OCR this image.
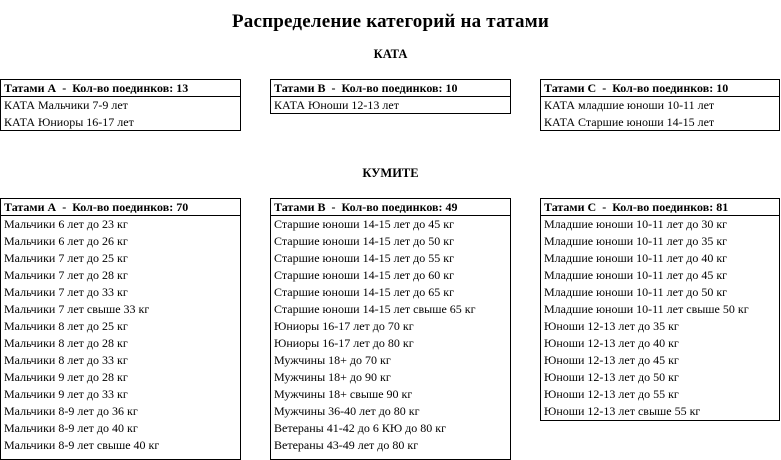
Распределение категорий на татами
КАТА
Татами А - Кол-во поединков: 13
КАТА Мальчики 7-9 лет
КАТА Юниоры 16-17 лет
Татами В - Кол-во поединков: 10
КАТА Юноши 12-13 лет
Татами С - Кол-во поединков: 10
КАТА младшие юноши 10-11 лет
КАТА Старшие юноши 14-15 лет
КУМИТЕ
Татами А - Кол-во поединков: 70
Мальчики 6 лет до 23 кг
Мальчики 6 лет до 26 кг
Мальчики 7 лет до 25 кг
Мальчики 7 лет до 28 кг
Мальчики 7 лет до 33 кг
Мальчики 7 лет свыше 33 кг
Мальчики 8 лет до 25 кг
Мальчики 8 лет до 28 кг
Мальчики 8 лет до 33 кг
Мальчики 9 лет до 28 кг
Мальчики 9 лет до 33 кг
Мальчики 8-9 лет до 36 кг
Мальчики 8-9 лет до 40 кг
Мальчики 8-9 лет свыше 40 кг
Татами В - Кол-во поединков: 49
Старшие юноши 14-15 лет до 45 кг
Старшие юноши 14-15 лет до 50 кг
Старшие юноши 14-15 лет до 55 кг
Старшие юноши 14-15 лет до 60 кг
Старшие юноши 14-15 лет до 65 кг
Старшие юноши 14-15 лет свыше 65 кг
Юниоры 16-17 лет до 70 кг
Юниоры 16-17 лет до 80 кг
Мужчины 18+ до 70 кг
Мужчины 18+ до 90 кг
Мужчины 18+ свыше 90 кг
Мужчины 36-40 лет до 80 кг
Ветераны 41-42 до 6 КЮ до 80 кг
Ветераны 43-49 лет до 80 кг
Татами С - Кол-во поединков: 81
Младшие юноши 10-11 лет до 30 кг
Младшие юноши 10-11 лет до 35 кг
Младшие юноши 10-11 лет до 40 кг
Младшие юноши 10-11 лет до 45 кг
Младшие юноши 10-11 лет до 50 кг
Младшие юноши 10-11 лет свыше 50 кг
Юноши 12-13 лет до 35 кг
Юноши 12-13 лет до 40 кг
Юноши 12-13 лет до 45 кг
Юноши 12-13 лет до 50 кг
Юноши 12-13 лет до 55 кг
Юноши 12-13 лет свыше 55 кг
